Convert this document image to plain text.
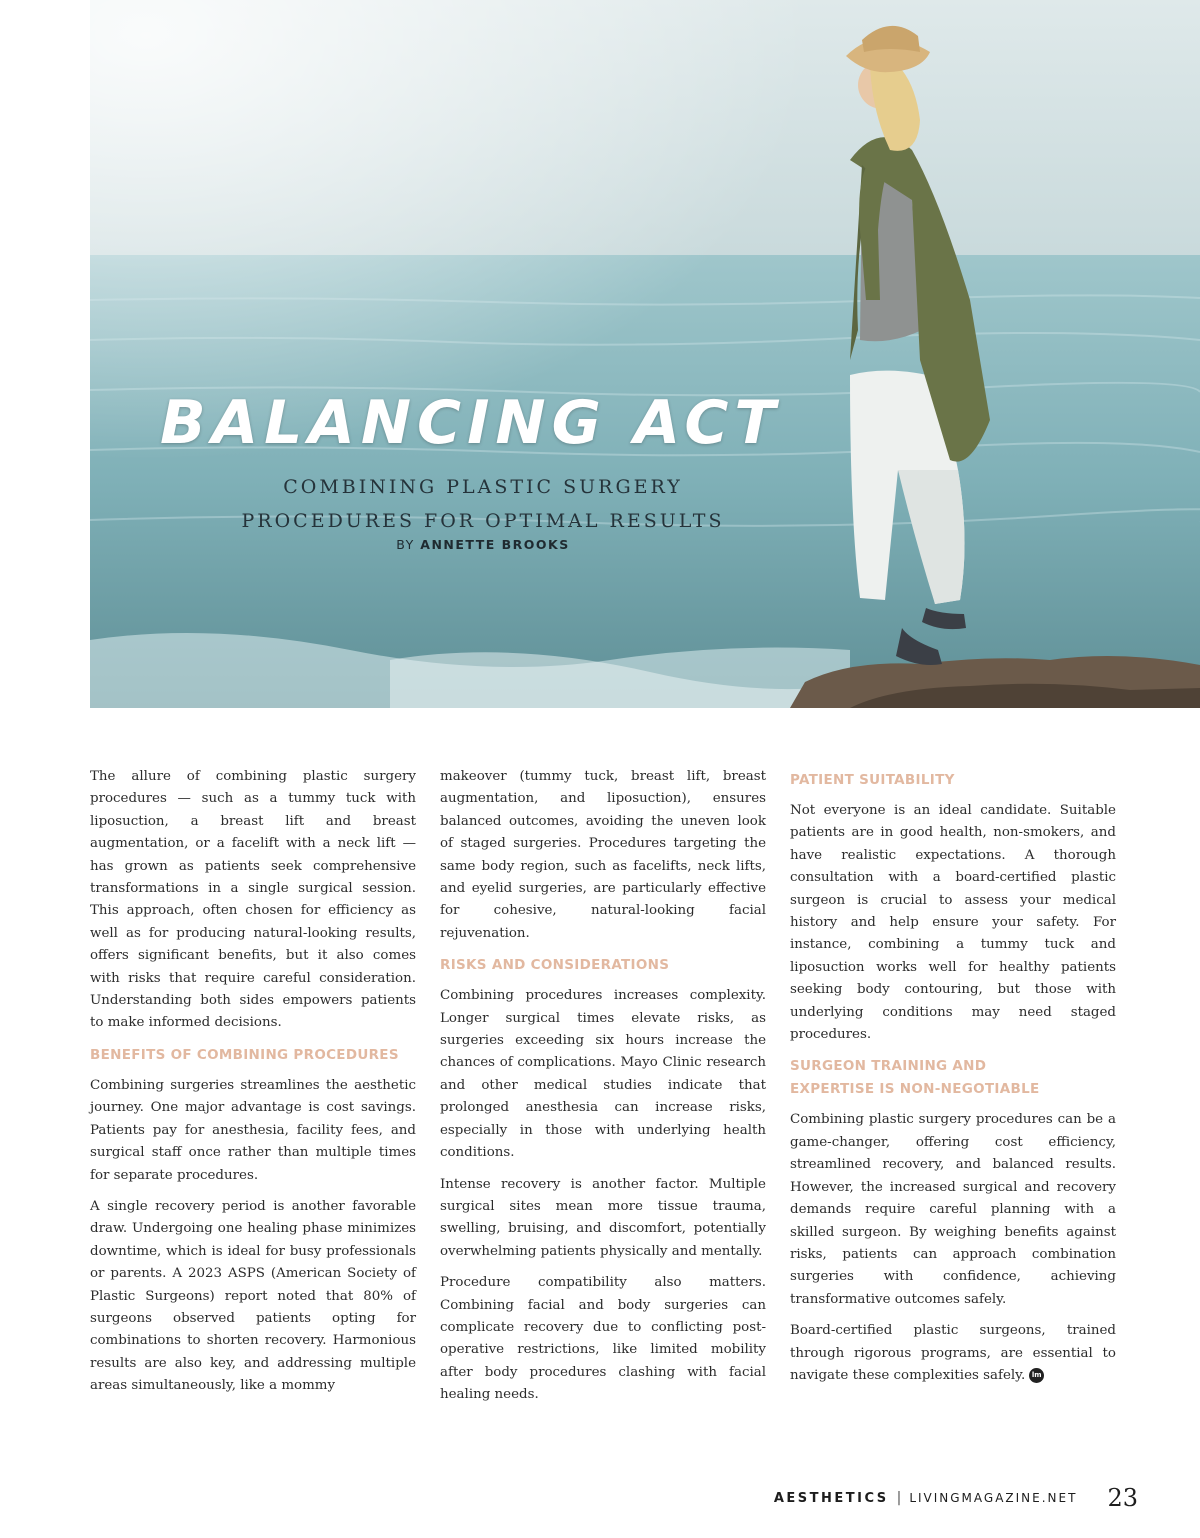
BALANCING ACT
COMBINING PLASTIC SURGERY
PROCEDURES FOR OPTIMAL RESULTS
BY ANNETTE BROOKS

The allure of combining plastic surgery procedures — such as a tummy tuck with liposuction, a breast lift and breast augmentation, or a facelift with a neck lift — has grown as patients seek comprehensive transformations in a single surgical session. This approach, often chosen for efficiency as well as for producing natural-looking results, offers significant benefits, but it also comes with risks that require careful consideration. Understanding both sides empowers patients to make informed decisions.

BENEFITS OF COMBINING PROCEDURES

Combining surgeries streamlines the aesthetic journey. One major advantage is cost savings. Patients pay for anesthesia, facility fees, and surgical staff once rather than multiple times for separate procedures.

A single recovery period is another favorable draw. Undergoing one healing phase minimizes downtime, which is ideal for busy professionals or parents. A 2023 ASPS (American Society of Plastic Surgeons) report noted that 80% of surgeons observed patients opting for combinations to shorten recovery. Harmonious results are also key, and addressing multiple areas simultaneously, like a mommy

makeover (tummy tuck, breast lift, breast augmentation, and liposuction), ensures balanced outcomes, avoiding the uneven look of staged surgeries. Procedures targeting the same body region, such as facelifts, neck lifts, and eyelid surgeries, are particularly effective for cohesive, natural-looking facial rejuvenation.

RISKS AND CONSIDERATIONS

Combining procedures increases complexity. Longer surgical times elevate risks, as surgeries exceeding six hours increase the chances of complications. Mayo Clinic research and other medical studies indicate that prolonged anesthesia can increase risks, especially in those with underlying health conditions.

Intense recovery is another factor. Multiple surgical sites mean more tissue trauma, swelling, bruising, and discomfort, potentially overwhelming patients physically and mentally.

Procedure compatibility also matters. Combining facial and body surgeries can complicate recovery due to conflicting post-operative restrictions, like limited mobility after body procedures clashing with facial healing needs.

PATIENT SUITABILITY

Not everyone is an ideal candidate. Suitable patients are in good health, non-smokers, and have realistic expectations. A thorough consultation with a board-certified plastic surgeon is crucial to assess your medical history and help ensure your safety. For instance, combining a tummy tuck and liposuction works well for healthy patients seeking body contouring, but those with underlying conditions may need staged procedures.

SURGEON TRAINING AND
EXPERTISE IS NON-NEGOTIABLE

Combining plastic surgery procedures can be a game-changer, offering cost efficiency, streamlined recovery, and balanced results. However, the increased surgical and recovery demands require careful planning with a skilled surgeon. By weighing benefits against risks, patients can approach combination surgeries with confidence, achieving transformative outcomes safely.

Board-certified plastic surgeons, trained through rigorous programs, are essential to navigate these complexities safely. lm

AESTHETICS | LIVINGMAGAZINE.NET 23
